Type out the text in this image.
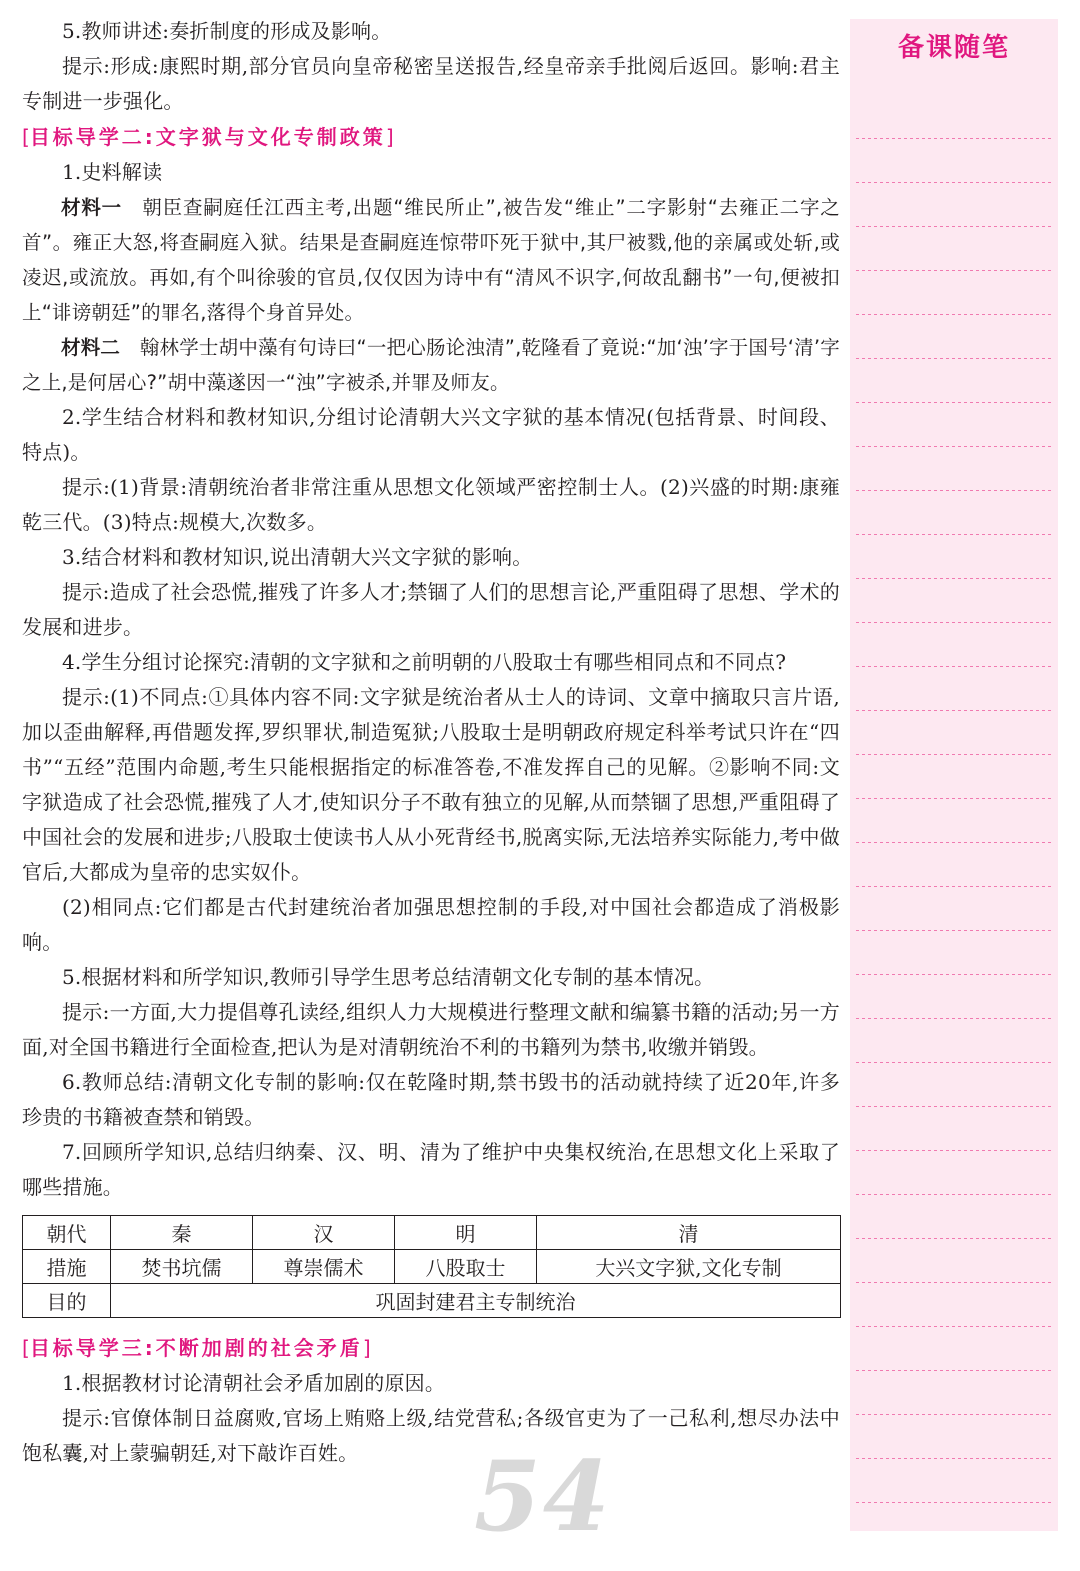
5.教师讲述:奏折制度的形成及影响。

提示:形成:康熙时期,部分官员向皇帝秘密呈送报告,经皇帝亲手批阅后返回。影响:君主专制进一步强化。

[目标导学二:文字狱与文化专制政策]

1.史料解读

材料一　 朝臣查嗣庭任江西主考,出题“维民所止”,被告发“维止”二字影射“去雍正二字之首”。雍正大怒,将查嗣庭入狱。结果是查嗣庭连惊带吓死于狱中,其尸被戮,他的亲属或处斩,或凌迟,或流放。再如,有个叫徐骏的官员,仅仅因为诗中有“清风不识字,何故乱翻书”一句,便被扣上“诽谤朝廷”的罪名,落得个身首异处。

材料二　 翰林学士胡中藻有句诗曰“一把心肠论浊清”,乾隆看了竟说:“加‘浊’字于国号‘清’字之上,是何居心?”胡中藻遂因一“浊”字被杀,并罪及师友。

2.学生结合材料和教材知识,分组讨论清朝大兴文字狱的基本情况(包括背景、时间段、特点)。

提示:(1)背景:清朝统治者非常注重从思想文化领域严密控制士人。(2)兴盛的时期:康雍乾三代。(3)特点:规模大,次数多。

3.结合材料和教材知识,说出清朝大兴文字狱的影响。

提示:造成了社会恐慌,摧残了许多人才;禁锢了人们的思想言论,严重阻碍了思想、学术的发展和进步。

4.学生分组讨论探究:清朝的文字狱和之前明朝的八股取士有哪些相同点和不同点?

提示:(1)不同点:①具体内容不同:文字狱是统治者从士人的诗词、文章中摘取只言片语,加以歪曲解释,再借题发挥,罗织罪状,制造冤狱;八股取士是明朝政府规定科举考试只许在“四书”“五经”范围内命题,考生只能根据指定的标准答卷,不准发挥自己的见解。②影响不同:文字狱造成了社会恐慌,摧残了人才,使知识分子不敢有独立的见解,从而禁锢了思想,严重阻碍了中国社会的发展和进步;八股取士使读书人从小死背经书,脱离实际,无法培养实际能力,考中做官后,大都成为皇帝的忠实奴仆。

(2)相同点:它们都是古代封建统治者加强思想控制的手段,对中国社会都造成了消极影响。

5.根据材料和所学知识,教师引导学生思考总结清朝文化专制的基本情况。

提示:一方面,大力提倡尊孔读经,组织人力大规模进行整理文献和编纂书籍的活动;另一方面,对全国书籍进行全面检查,把认为是对清朝统治不利的书籍列为禁书,收缴并销毁。

6.教师总结:清朝文化专制的影响:仅在乾隆时期,禁书毁书的活动就持续了近20年,许多珍贵的书籍被查禁和销毁。

7.回顾所学知识,总结归纳秦、汉、明、清为了维护中央集权统治,在思想文化上采取了哪些措施。

朝代	秦	汉	明	清
措施	焚书坑儒	尊崇儒术	八股取士	大兴文字狱,文化专制
目的	巩固封建君主专制统治			
[目标导学三:不断加剧的社会矛盾]

1.根据教材讨论清朝社会矛盾加剧的原因。

提示:官僚体制日益腐败,官场上贿赂上级,结党营私;各级官吏为了一己私利,想尽办法中饱私囊,对上蒙骗朝廷,对下敲诈百姓。	54
备课随笔
